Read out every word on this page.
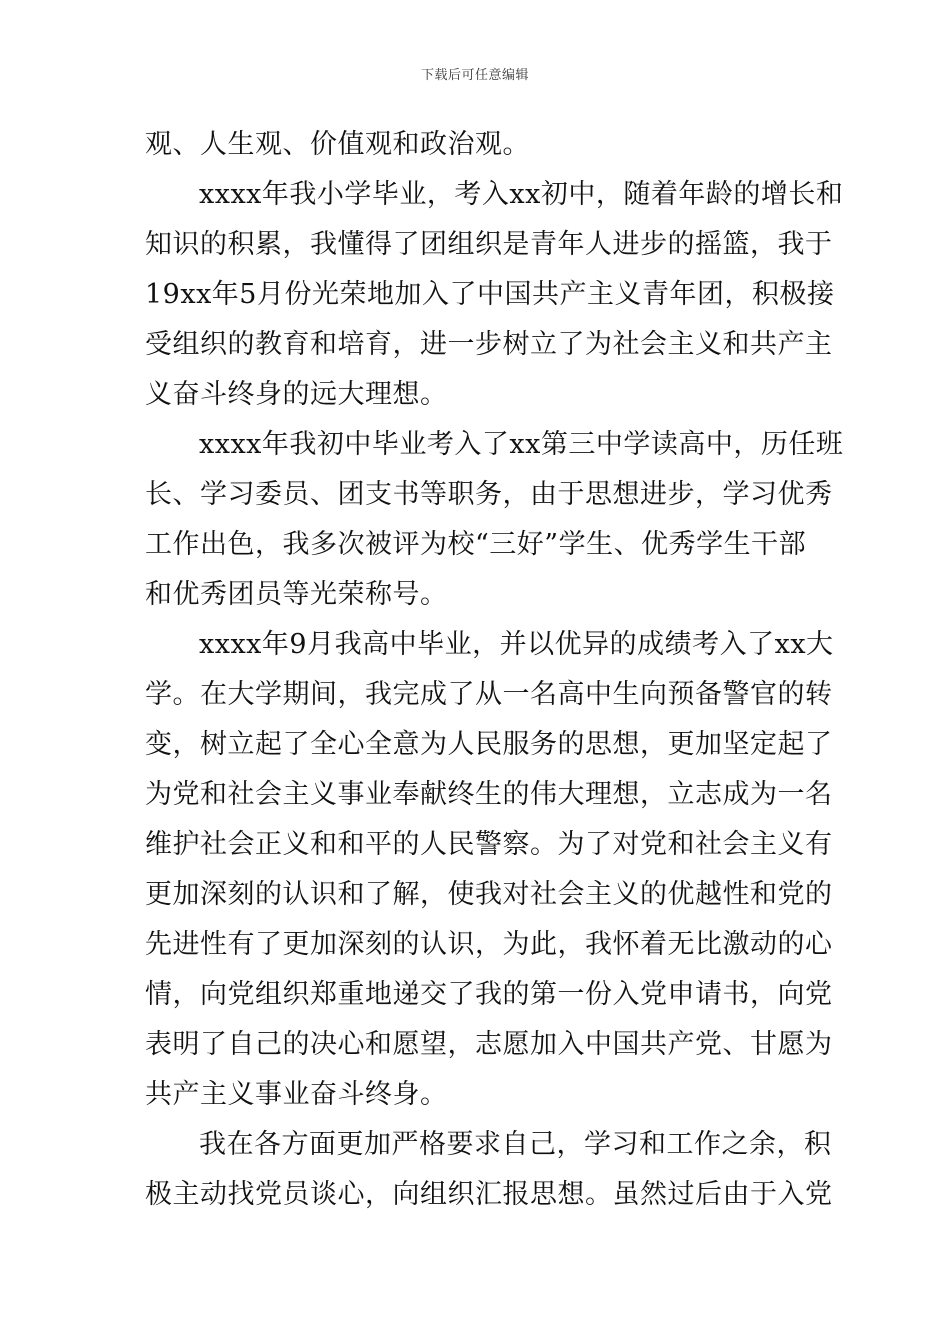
下载后可任意编辑
观、人生观、价值观和政治观。
xxxx年我小学毕业，考入xx初中，随着年龄的增长和
知识的积累，我懂得了团组织是青年人进步的摇篮，我于
19xx年5月份光荣地加入了中国共产主义青年团，积极接
受组织的教育和培育，进一步树立了为社会主义和共产主
义奋斗终身的远大理想。
xxxx年我初中毕业考入了xx第三中学读高中，历任班
长、学习委员、团支书等职务，由于思想进步，学习优秀
工作出色，我多次被评为校“三好”学生、优秀学生干部
和优秀团员等光荣称号。
xxxx年9月我高中毕业，并以优异的成绩考入了xx大
学。在大学期间，我完成了从一名高中生向预备警官的转
变，树立起了全心全意为人民服务的思想，更加坚定起了
为党和社会主义事业奉献终生的伟大理想，立志成为一名
维护社会正义和和平的人民警察。为了对党和社会主义有
更加深刻的认识和了解，使我对社会主义的优越性和党的
先进性有了更加深刻的认识，为此，我怀着无比激动的心
情，向党组织郑重地递交了我的第一份入党申请书，向党
表明了自己的决心和愿望，志愿加入中国共产党、甘愿为
共产主义事业奋斗终身。
我在各方面更加严格要求自己，学习和工作之余，积
极主动找党员谈心，向组织汇报思想。虽然过后由于入党
